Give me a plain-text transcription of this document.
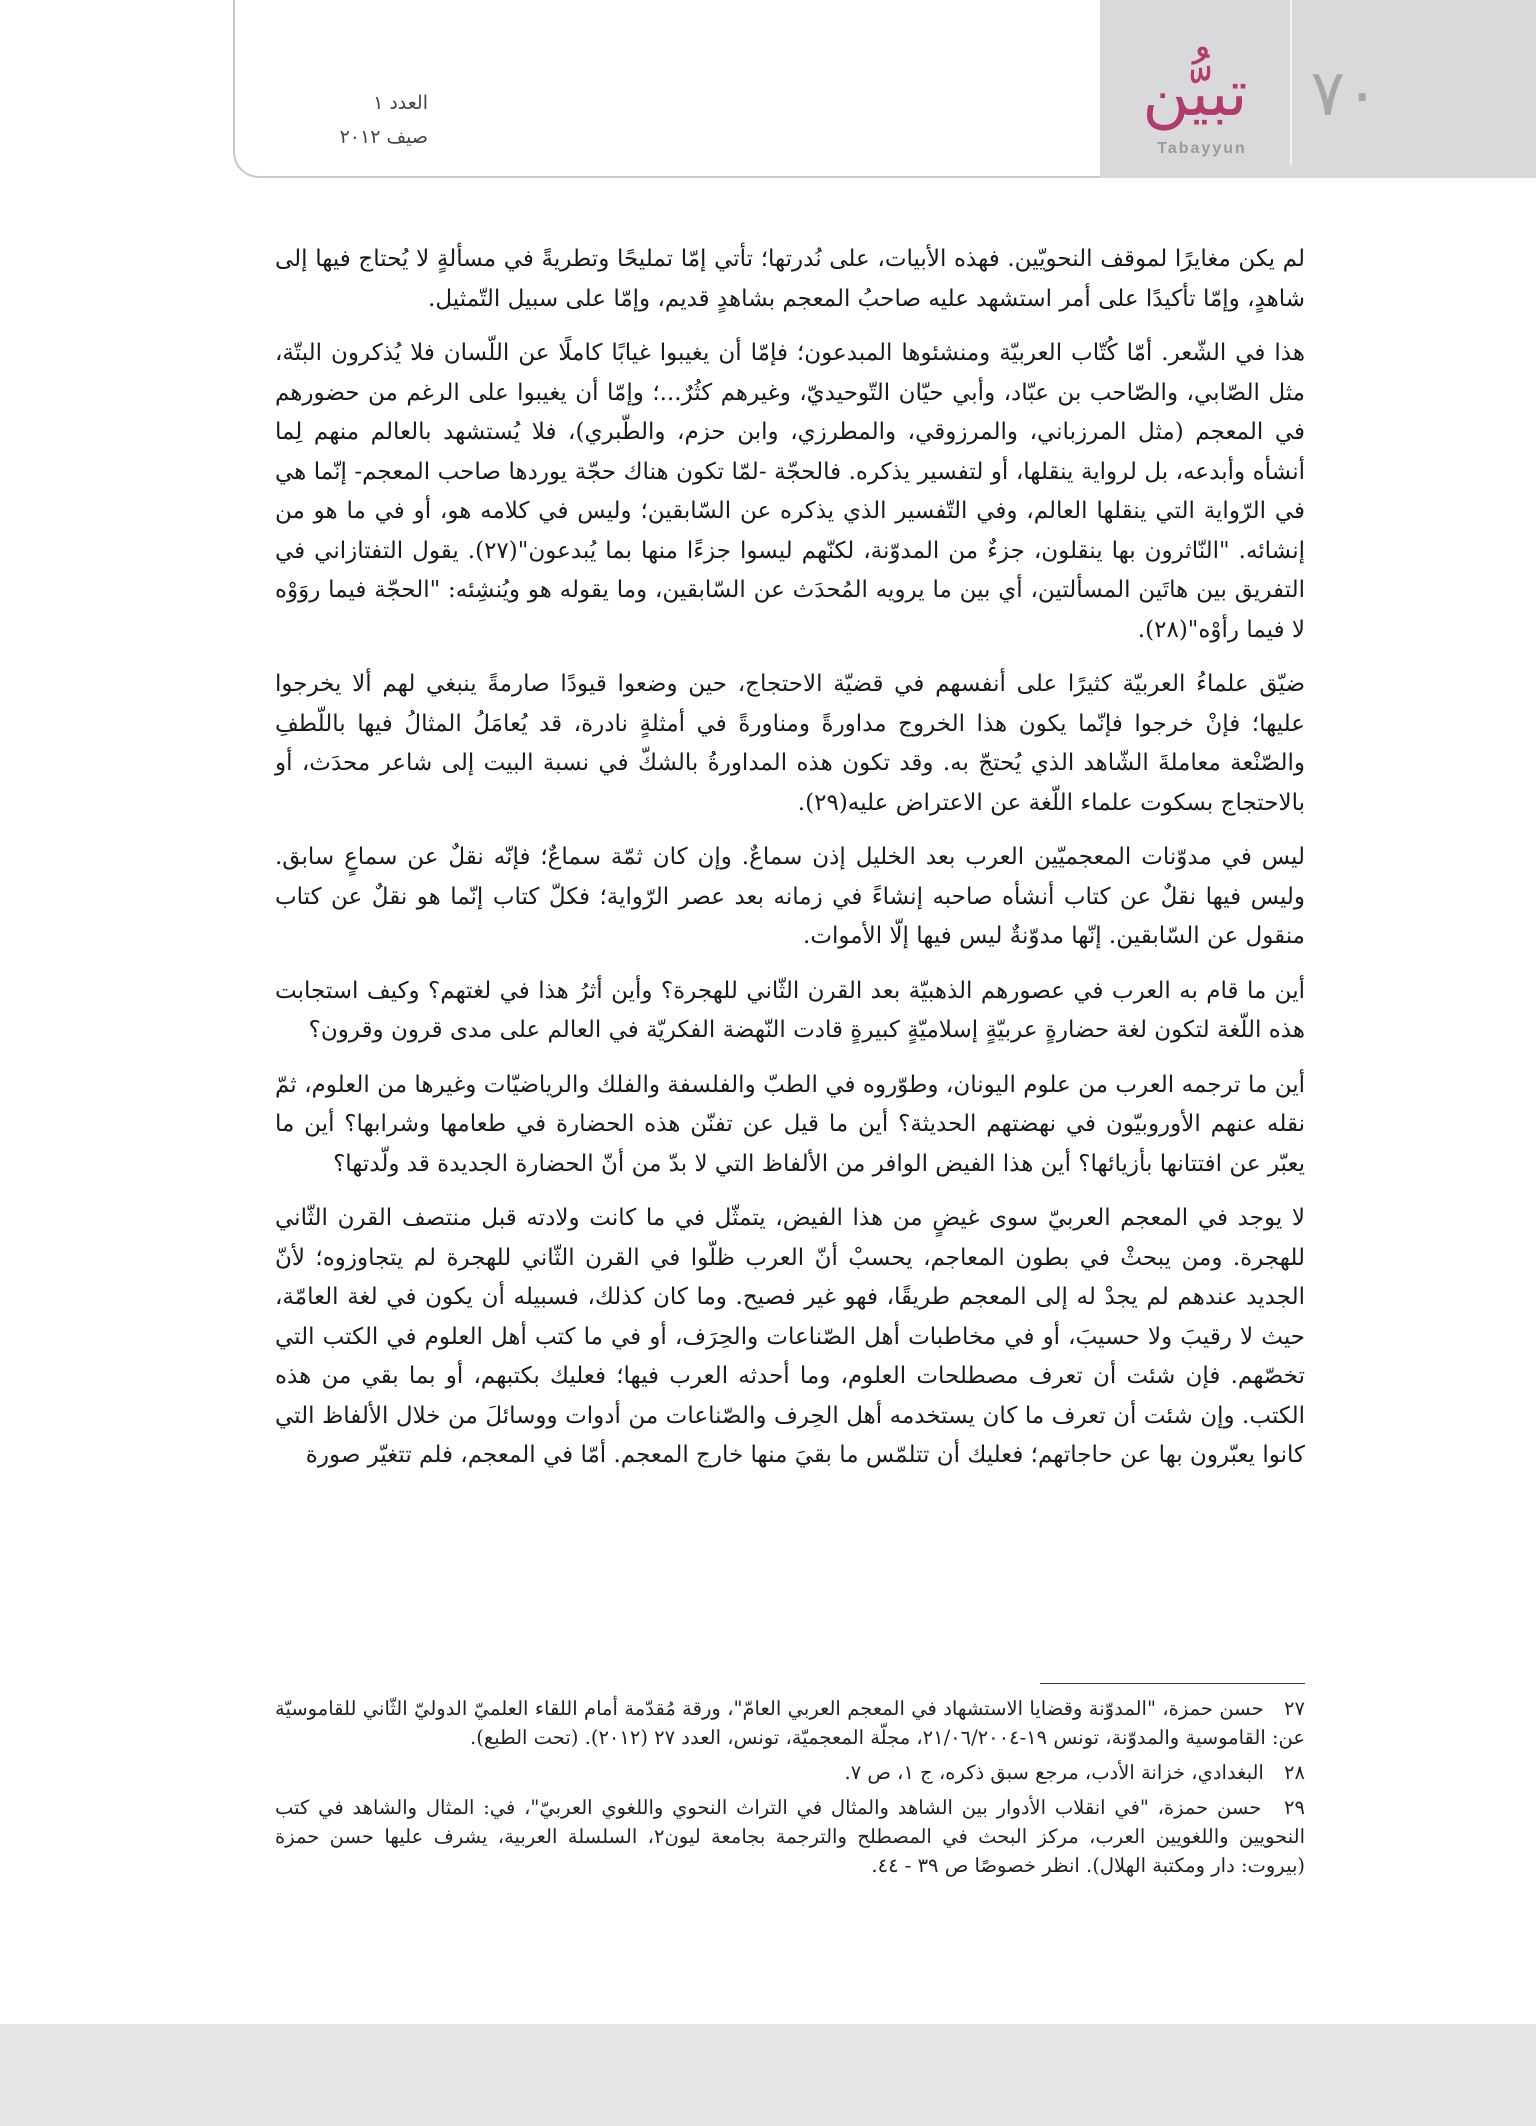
٧٠
تبيُّن
Tabayyun
العدد ١
صيف ٢٠١٢

لم يكن مغايرًا لموقف النحويّين. فهذه الأبيات، على نُدرتها؛ تأتي إمّا تمليحًا وتطريةً في مسألةٍ لا يُحتاج فيها إلى شاهدٍ، وإمّا تأكيدًا على أمر استشهد عليه صاحبُ المعجم بشاهدٍ قديم، وإمّا على سبيل التّمثيل.

هذا في الشّعر. أمّا كُتّاب العربيّة ومنشئوها المبدعون؛ فإمّا أن يغيبوا غيابًا كاملًا عن اللّسان فلا يُذكرون البتّة، مثل الصّابي، والصّاحب بن عبّاد، وأبي حيّان التّوحيديّ، وغيرهم كثُرٌ...؛ وإمّا أن يغيبوا على الرغم من حضورهم في المعجم (مثل المرزباني، والمرزوقي، والمطرزي، وابن حزم، والطّبري)، فلا يُستشهد بالعالم منهم لِما أنشأه وأبدعه، بل لرواية ينقلها، أو لتفسير يذكره. فالحجّة -لمّا تكون هناك حجّة يوردها صاحب المعجم- إنّما هي في الرّواية التي ينقلها العالم، وفي التّفسير الذي يذكره عن السّابقين؛ وليس في كلامه هو، أو في ما هو من إنشائه. "النّاثرون بها ينقلون، جزءٌ من المدوّنة، لكنّهم ليسوا جزءًا منها بما يُبدعون"(٢٧). يقول التفتازاني في التفريق بين هاتَين المسألتين، أي بين ما يرويه المُحدَث عن السّابقين، وما يقوله هو ويُنشِئه: "الحجّة فيما روَوْه لا فيما رأوْه"(٢٨).

ضيّق علماءُ العربيّة كثيرًا على أنفسهم في قضيّة الاحتجاج، حين وضعوا قيودًا صارمةً ينبغي لهم ألا يخرجوا عليها؛ فإنْ خرجوا فإنّما يكون هذا الخروج مداورةً ومناورةً في أمثلةٍ نادرة، قد يُعامَلُ المثالُ فيها باللّطفِ والصّنْعة معاملةَ الشّاهد الذي يُحتجّ به. وقد تكون هذه المداورةُ بالشكّ في نسبة البيت إلى شاعر محدَث، أو بالاحتجاج بسكوت علماء اللّغة عن الاعتراض عليه(٢٩).

ليس في مدوّنات المعجميّين العرب بعد الخليل إذن سماعٌ. وإن كان ثمّة سماعٌ؛ فإنّه نقلٌ عن سماعٍ سابق. وليس فيها نقلٌ عن كتاب أنشأه صاحبه إنشاءً في زمانه بعد عصر الرّواية؛ فكلّ كتاب إنّما هو نقلٌ عن كتاب منقول عن السّابقين. إنّها مدوّنةٌ ليس فيها إلّا الأموات.

أين ما قام به العرب في عصورهم الذهبيّة بعد القرن الثّاني للهجرة؟ وأين أثرُ هذا في لغتهم؟ وكيف استجابت هذه اللّغة لتكون لغة حضارةٍ عربيّةٍ إسلاميّةٍ كبيرةٍ قادت النّهضة الفكريّة في العالم على مدى قرون وقرون؟

أين ما ترجمه العرب من علوم اليونان، وطوّروه في الطبّ والفلسفة والفلك والرياضيّات وغيرها من العلوم، ثمّ نقله عنهم الأوروبيّون في نهضتهم الحديثة؟ أين ما قيل عن تفنّن هذه الحضارة في طعامها وشرابها؟ أين ما يعبّر عن افتتانها بأزيائها؟ أين هذا الفيض الوافر من الألفاظ التي لا بدّ من أنّ الحضارة الجديدة قد ولّدتها؟

لا يوجد في المعجم العربيّ سوى غيضٍ من هذا الفيض، يتمثّل في ما كانت ولادته قبل منتصف القرن الثّاني للهجرة. ومن يبحثْ في بطون المعاجم، يحسبْ أنّ العرب ظلّوا في القرن الثّاني للهجرة لم يتجاوزوه؛ لأنّ الجديد عندهم لم يجدْ له إلى المعجم طريقًا، فهو غير فصيح. وما كان كذلك، فسبيله أن يكون في لغة العامّة، حيث لا رقيبَ ولا حسيبَ، أو في مخاطبات أهل الصّناعات والحِرَف، أو في ما كتب أهل العلوم في الكتب التي تخصّهم. فإن شئت أن تعرف مصطلحات العلوم، وما أحدثه العرب فيها؛ فعليك بكتبهم، أو بما بقي من هذه الكتب. وإن شئت أن تعرف ما كان يستخدمه أهل الحِرف والصّناعات من أدوات ووسائلَ من خلال الألفاظ التي كانوا يعبّرون بها عن حاجاتهم؛ فعليك أن تتلمّس ما بقيَ منها خارج المعجم. أمّا في المعجم، فلم تتغيّر صورة

٢٧ حسن حمزة، "المدوّنة وقضايا الاستشهاد في المعجم العربي العامّ"، ورقة مُقدّمة أمام اللقاء العلميّ الدوليّ الثّاني للقاموسيّة عن: القاموسية والمدوّنة، تونس ١٩-٢١/٠٦/٢٠٠٤، مجلّة المعجميّة، تونس، العدد ٢٧ (٢٠١٢). (تحت الطبع).

٢٨ البغدادي، خزانة الأدب، مرجع سبق ذكره، ج ١، ص ٧.

٢٩ حسن حمزة، "في انقلاب الأدوار بين الشاهد والمثال في التراث النحوي واللغوي العربيّ"، في: المثال والشاهد في كتب النحويين واللغويين العرب، مركز البحث في المصطلح والترجمة بجامعة ليون٢، السلسلة العربية، يشرف عليها حسن حمزة (بيروت: دار ومكتبة الهلال). انظر خصوصًا ص ٣٩ - ٤٤.
